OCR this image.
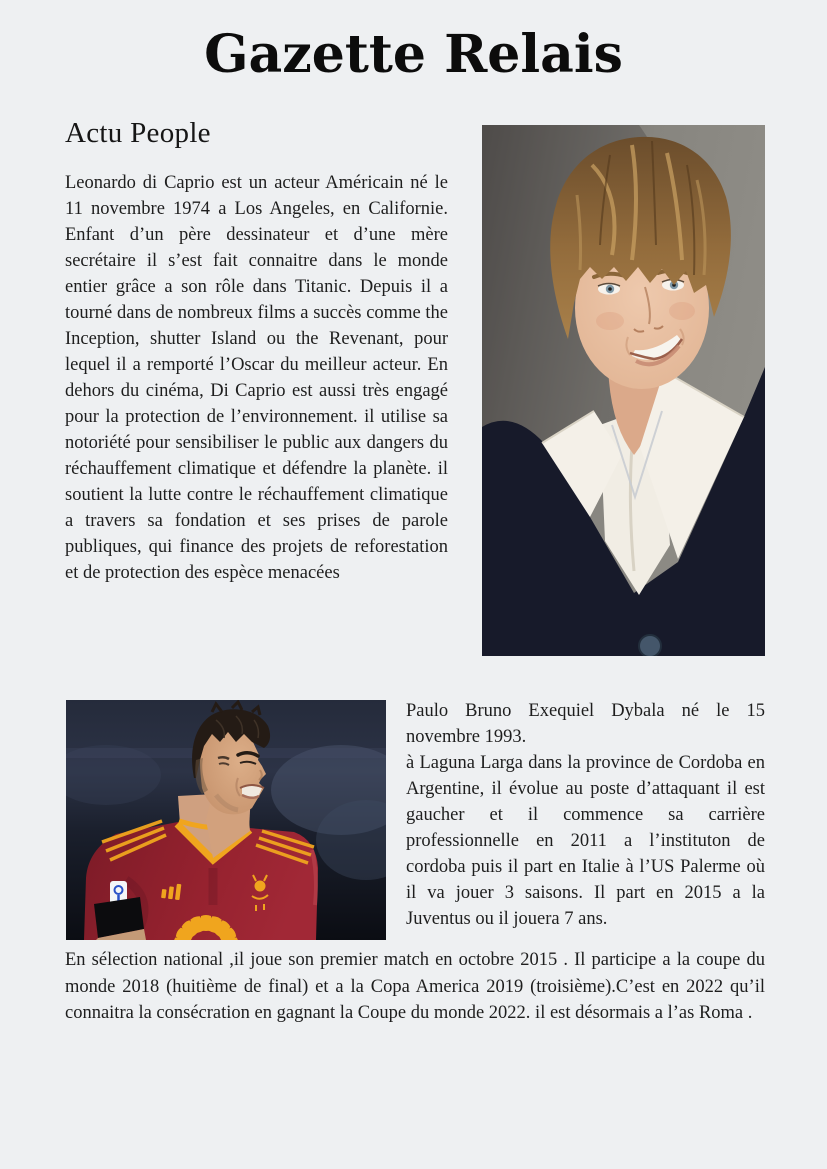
Gazette Relais
Actu People

Leonardo di Caprio est un acteur Américain né le 11 novembre 1974 a Los Angeles, en Californie. Enfant d’un père dessinateur et d’une mère secrétaire il s’est fait connaitre dans le monde entier grâce a son rôle dans Titanic. Depuis il a tourné dans de nombreux films a succès comme the Inception, shutter Island ou the Revenant, pour lequel il a remporté l’Oscar du meilleur acteur. En dehors du cinéma, Di Caprio est aussi très engagé pour la protection de l’environnement. il utilise sa notoriété pour sensibiliser le public aux dangers du réchauffement climatique et défendre la planète. il soutient la lutte contre le réchauffement climatique a travers sa fondation et ses prises de parole publiques, qui finance des projets de reforestation et de protection des espèce menacées

Paulo Bruno Exequiel Dybala né le 15 novembre 1993.

à Laguna Larga dans la province de Cordoba en Argentine, il évolue au poste d’attaquant il est gaucher et il commence sa carrière professionnelle en 2011 a l’instituton de cordoba puis il part en Italie à l’US Palerme où il va jouer 3 saisons. Il part en 2015 a la Juventus ou il jouera 7 ans.

En sélection national ,il joue son premier match en octobre 2015 . Il participe a la coupe du monde 2018 (huitième de final) et a la Copa America 2019 (troisième).C’est en 2022 qu’il connaitra la consécration en gagnant la Coupe du monde 2022. il est désormais a l’as Roma .
